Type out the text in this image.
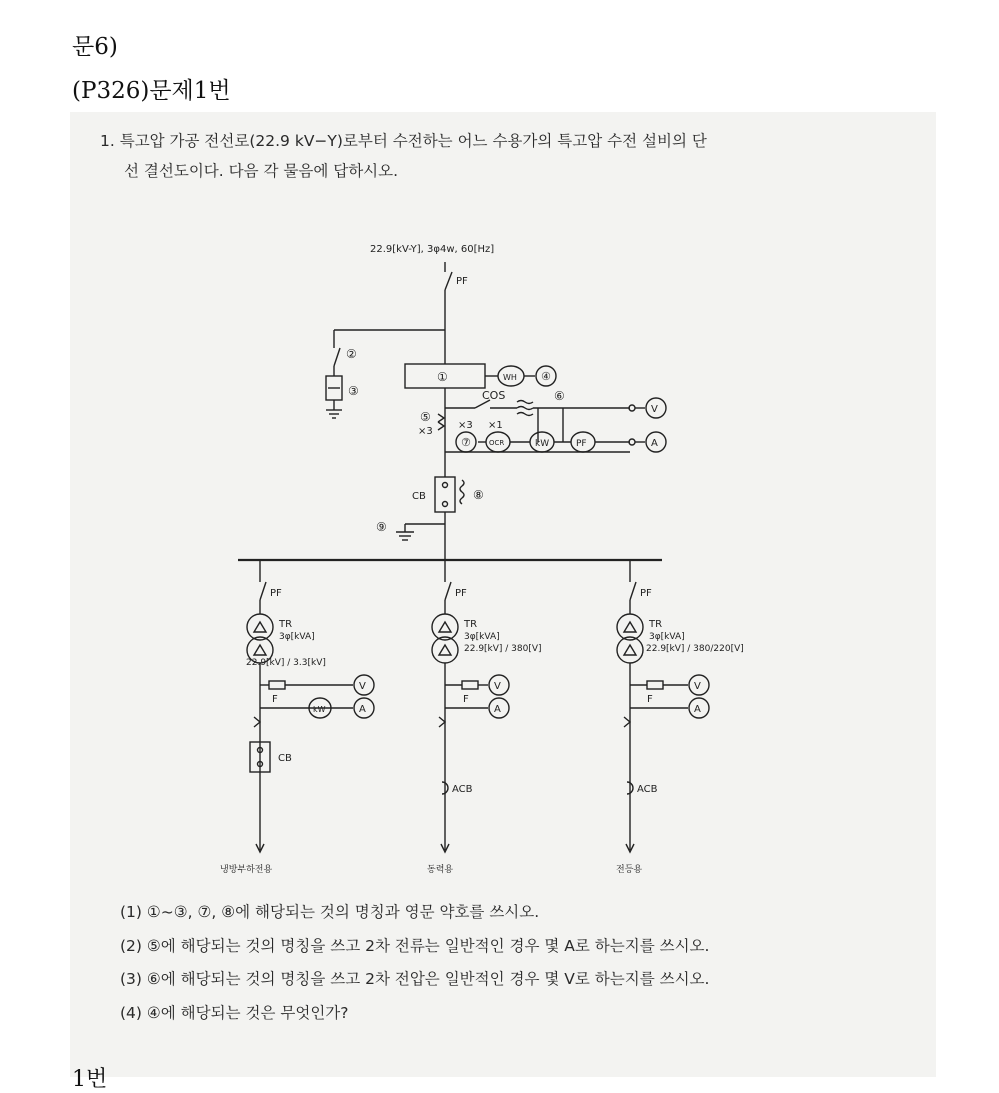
문6)
(P326)문제1번
1. 특고압 가공 전선로(22.9 kV−Y)로부터 수전하는 어느 수용가의 특고압 수전 설비의 단
선 결선도이다. 다음 각 물음에 답하시오.
22.9[kV-Y], 3φ4w, 60[Hz]
PF
②
③
①	WH ④
COS	⑥
V
⑤
×3
×3 ×1
⑦	OCR	kW	PF	A
CB	⑧
⑨
PF
TR
3φ[kVA]
22.9[kV] / 3.3[kV]
V
F
kW	A
CB
냉방부하전용
PF
TR
3φ[kVA]
22.9[kV] / 380[V]
V
F
A
ACB
동력용
PF
TR
3φ[kVA]
22.9[kV] / 380/220[V]
V
F
A
ACB
전등용
(1) ①~③, ⑦, ⑧에 해당되는 것의 명칭과 영문 약호를 쓰시오.
(2) ⑤에 해당되는 것의 명칭을 쓰고 2차 전류는 일반적인 경우 몇 A로 하는지를 쓰시오.
(3) ⑥에 해당되는 것의 명칭을 쓰고 2차 전압은 일반적인 경우 몇 V로 하는지를 쓰시오.
(4) ④에 해당되는 것은 무엇인가?
1번
